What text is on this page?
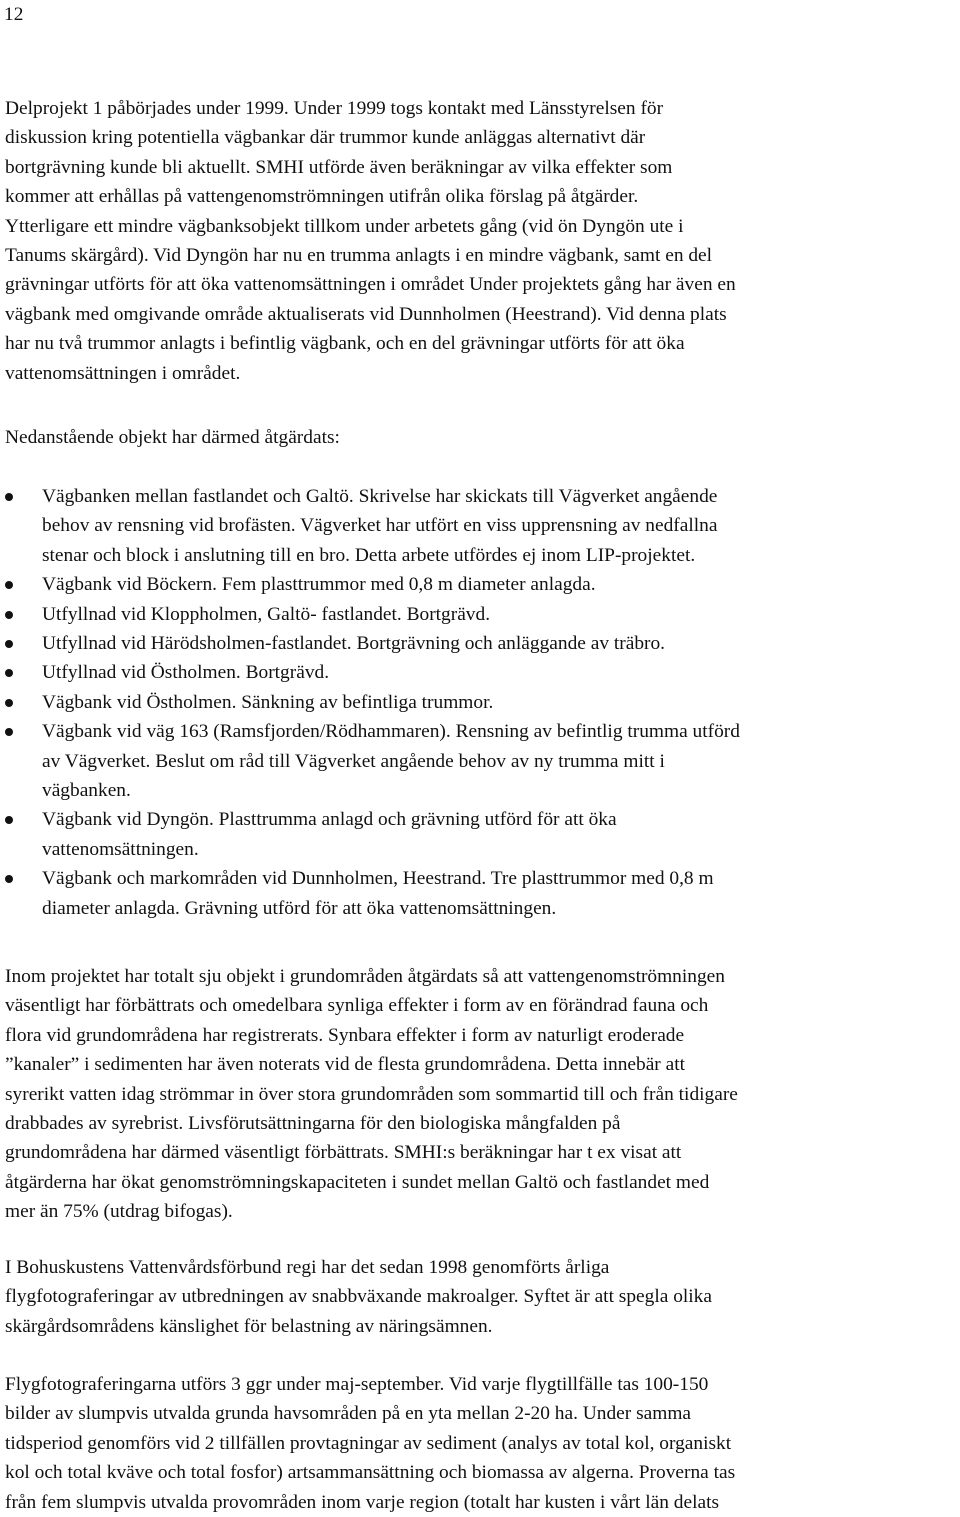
12
Delprojekt 1 påbörjades under 1999. Under 1999 togs kontakt med Länsstyrelsen för
diskussion kring potentiella vägbankar där trummor kunde anläggas alternativt där
bortgrävning kunde bli aktuellt. SMHI utförde även beräkningar av vilka effekter som
kommer att erhållas på vattengenomströmningen utifrån olika förslag på åtgärder.
Ytterligare ett mindre vägbanksobjekt tillkom under arbetets gång (vid ön Dyngön ute i
Tanums skärgård). Vid Dyngön har nu en trumma anlagts i en mindre vägbank, samt en del
grävningar utförts för att öka vattenomsättningen i området Under projektets gång har även en
vägbank med omgivande område aktualiserats vid Dunnholmen (Heestrand). Vid denna plats
har nu två trummor anlagts i befintlig vägbank, och en del grävningar utförts för att öka
vattenomsättningen i området.
Nedanstående objekt har därmed åtgärdats:
Vägbanken mellan fastlandet och Galtö. Skrivelse har skickats till Vägverket angående
behov av rensning vid brofästen. Vägverket har utfört en viss upprensning av nedfallna
stenar och block i anslutning till en bro. Detta arbete utfördes ej inom LIP-projektet.
Vägbank vid Böckern. Fem plasttrummor med 0,8 m diameter anlagda.
Utfyllnad vid Kloppholmen, Galtö- fastlandet. Bortgrävd.
Utfyllnad vid Härödsholmen-fastlandet. Bortgrävning och anläggande av träbro.
Utfyllnad vid Östholmen. Bortgrävd.
Vägbank vid Östholmen. Sänkning av befintliga trummor.
Vägbank vid väg 163 (Ramsfjorden/Rödhammaren). Rensning av befintlig trumma utförd
av Vägverket. Beslut om råd till Vägverket angående behov av ny trumma mitt i
vägbanken.
Vägbank vid Dyngön. Plasttrumma anlagd och grävning utförd för att öka
vattenomsättningen.
Vägbank och markområden vid Dunnholmen, Heestrand. Tre plasttrummor med 0,8 m
diameter anlagda. Grävning utförd för att öka vattenomsättningen.
Inom projektet har totalt sju objekt i grundområden åtgärdats så att vattengenomströmningen
väsentligt har förbättrats och omedelbara synliga effekter i form av en förändrad fauna och
flora vid grundområdena har registrerats. Synbara effekter i form av naturligt eroderade
”kanaler” i sedimenten har även noterats vid de flesta grundområdena. Detta innebär att
syrerikt vatten idag strömmar in över stora grundområden som sommartid till och från tidigare
drabbades av syrebrist. Livsförutsättningarna för den biologiska mångfalden på
grundområdena har därmed väsentligt förbättrats. SMHI:s beräkningar har t ex visat att
åtgärderna har ökat genomströmningskapaciteten i sundet mellan Galtö och fastlandet med
mer än 75% (utdrag bifogas).
I Bohuskustens Vattenvårdsförbund regi har det sedan 1998 genomförts årliga
flygfotograferingar av utbredningen av snabbväxande makroalger. Syftet är att spegla olika
skärgårdsområdens känslighet för belastning av näringsämnen.
Flygfotograferingarna utförs 3 ggr under maj-september. Vid varje flygtillfälle tas 100-150
bilder av slumpvis utvalda grunda havsområden på en yta mellan 2-20 ha. Under samma
tidsperiod genomförs vid 2 tillfällen provtagningar av sediment (analys av total kol, organiskt
kol och total kväve och total fosfor) artsammansättning och biomassa av algerna. Proverna tas
från fem slumpvis utvalda provområden inom varje region (totalt har kusten i vårt län delats
